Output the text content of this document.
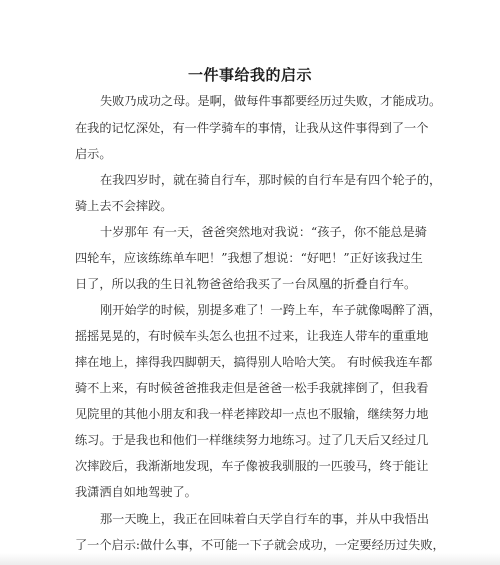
一件事给我的启示
失败乃成功之母。是啊，做每件事都要经历过失败，才能成功。
在我的记忆深处，有一件学骑车的事情，让我从这件事得到了一个
启示。
在我四岁时，就在骑自行车，那时候的自行车是有四个轮子的，
骑上去不会摔跤。
十岁那年 有一天，爸爸突然地对我说：“孩子，你不能总是骑
四轮车，应该练练单车吧！”我想了想说：“好吧！”正好该我过生
日了，所以我的生日礼物爸爸给我买了一台凤凰的折叠自行车。
刚开始学的时候，别提多难了！一跨上车，车子就像喝醉了酒，
摇摇晃晃的，有时候车头怎么也扭不过来，让我连人带车的重重地
摔在地上，摔得我四脚朝天，搞得别人哈哈大笑。 有时候我连车都
骑不上来，有时候爸爸推我走但是爸爸一松手我就摔倒了，但我看
见院里的其他小朋友和我一样老摔跤却一点也不服输，继续努力地
练习。于是我也和他们一样继续努力地练习。过了几天后又经过几
次摔跤后，我渐渐地发现，车子像被我驯服的一匹骏马，终于能让
我潇洒自如地驾驶了。
那一天晚上，我正在回味着白天学自行车的事，并从中我悟出
了一个启示:做什么事，不可能一下子就会成功，一定要经历过失败，
